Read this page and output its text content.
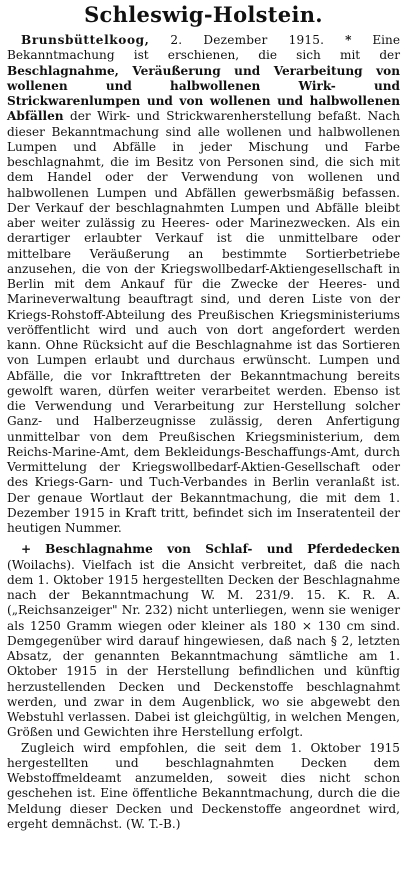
Schleswig-Holstein.

Brunsbüttelkoog, 2. Dezember 1915. * Eine Bekanntmachung ist erschienen, die sich mit der Beschlagnahme, Veräußerung und Verarbeitung von wollenen und halbwollenen Wirk- und Strickwarenlumpen und von wollenen und halbwollenen Abfällen der Wirk- und Strickwarenherstellung befaßt. Nach dieser Bekanntmachung sind alle wollenen und halbwollenen Lumpen und Abfälle in jeder Mischung und Farbe beschlagnahmt, die im Besitz von Personen sind, die sich mit dem Handel oder der Verwendung von wollenen und halbwollenen Lumpen und Abfällen gewerbsmäßig befassen. Der Verkauf der beschlagnahmten Lumpen und Abfälle bleibt aber weiter zulässig zu Heeres- oder Marinezwecken. Als ein derartiger erlaubter Verkauf ist die unmittelbare oder mittelbare Veräußerung an bestimmte Sortierbetriebe anzusehen, die von der Kriegswollbedarf-Aktiengesellschaft in Berlin mit dem Ankauf für die Zwecke der Heeres- und Marineverwaltung beauftragt sind, und deren Liste von der Kriegs-Rohstoff-Abteilung des Preußischen Kriegsministeriums veröffentlicht wird und auch von dort angefordert werden kann. Ohne Rücksicht auf die Beschlagnahme ist das Sortieren von Lumpen erlaubt und durchaus erwünscht. Lumpen und Abfälle, die vor Inkrafttreten der Bekanntmachung bereits gewolft waren, dürfen weiter verarbeitet werden. Ebenso ist die Verwendung und Verarbeitung zur Herstellung solcher Ganz- und Halberzeugnisse zulässig, deren Anfertigung unmittelbar von dem Preußischen Kriegsministerium, dem Reichs-Marine-Amt, dem Bekleidungs-Beschaffungs-Amt, durch Vermittelung der Kriegswollbedarf-Aktien-Gesellschaft oder des Kriegs-Garn- und Tuch-Verbandes in Berlin veranlaßt ist. Der genaue Wortlaut der Bekanntmachung, die mit dem 1. Dezember 1915 in Kraft tritt, befindet sich im Inseratenteil der heutigen Nummer.

+ Beschlagnahme von Schlaf- und Pferdedecken (Woilachs). Vielfach ist die Ansicht verbreitet, daß die nach dem 1. Oktober 1915 hergestellten Decken der Beschlagnahme nach der Bekanntmachung W. M. 231/9. 15. K. R. A. („Reichsanzeiger" Nr. 232) nicht unterliegen, wenn sie weniger als 1250 Gramm wiegen oder kleiner als 180 × 130 cm sind. Demgegenüber wird darauf hingewiesen, daß nach § 2, letzten Absatz, der genannten Bekanntmachung sämtliche am 1. Oktober 1915 in der Herstellung befindlichen und künftig herzustellenden Decken und Deckenstoffe beschlagnahmt werden, und zwar in dem Augenblick, wo sie abgewebt den Webstuhl verlassen. Dabei ist gleichgültig, in welchen Mengen, Größen und Gewichten ihre Herstellung erfolgt.

Zugleich wird empfohlen, die seit dem 1. Oktober 1915 hergestellten und beschlagnahmten Decken dem Webstoffmeldeamt anzumelden, soweit dies nicht schon geschehen ist. Eine öffentliche Bekanntmachung, durch die die Meldung dieser Decken und Deckenstoffe angeordnet wird, ergeht demnächst. (W. T.-B.)
